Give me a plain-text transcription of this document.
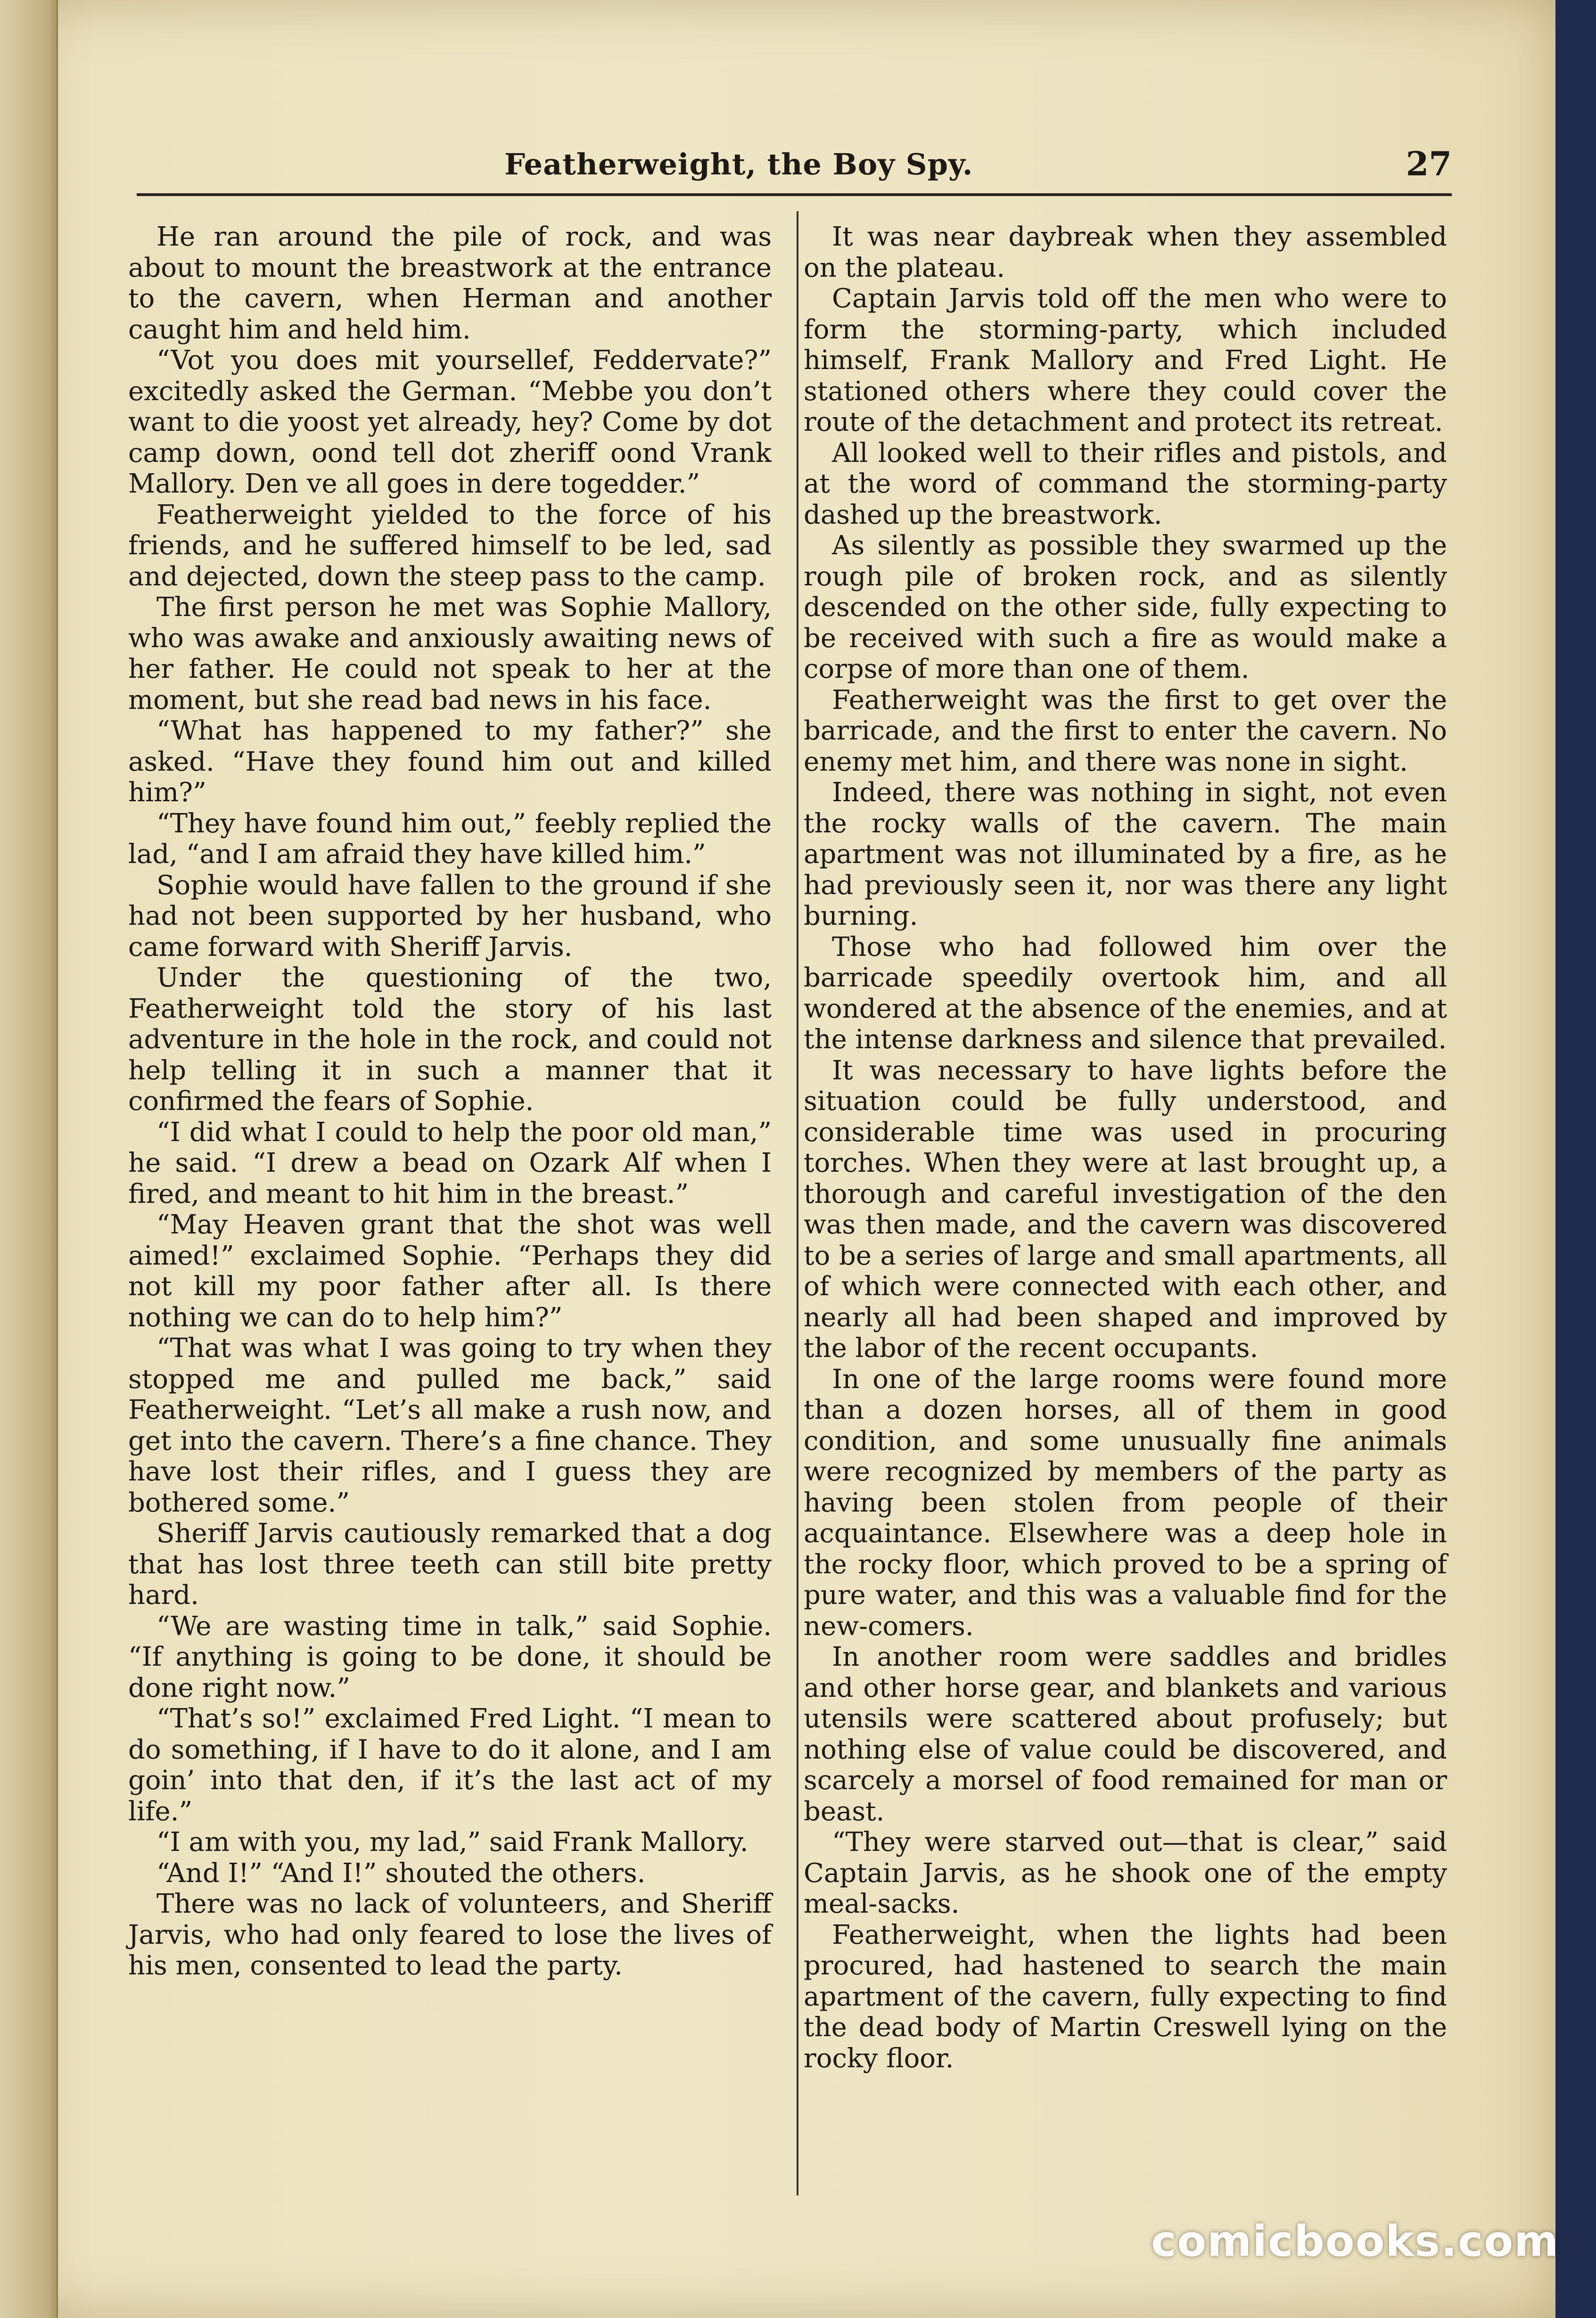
Featherweight, the Boy Spy.	27

He ran around the pile of rock, and was about to mount the breastwork at the entrance to the cavern, when Herman and another caught him and held him.

“Vot you does mit yoursellef, Feddervate?” excitedly asked the German. “Mebbe you don’t want to die yoost yet already, hey? Come by dot camp down, oond tell dot zheriff oond Vrank Mallory. Den ve all goes in dere togedder.”

Featherweight yielded to the force of his friends, and he suffered himself to be led, sad and dejected, down the steep pass to the camp.

The first person he met was Sophie Mallory, who was awake and anxiously awaiting news of her father. He could not speak to her at the moment, but she read bad news in his face.

“What has happened to my father?” she asked. “Have they found him out and killed him?”

“They have found him out,” feebly replied the lad, “and I am afraid they have killed him.”

Sophie would have fallen to the ground if she had not been supported by her husband, who came forward with Sheriff Jarvis.

Under the questioning of the two, Featherweight told the story of his last adventure in the hole in the rock, and could not help telling it in such a manner that it confirmed the fears of Sophie.

“I did what I could to help the poor old man,” he said. “I drew a bead on Ozark Alf when I fired, and meant to hit him in the breast.”

“May Heaven grant that the shot was well aimed!” exclaimed Sophie. “Perhaps they did not kill my poor father after all. Is there nothing we can do to help him?”

“That was what I was going to try when they stopped me and pulled me back,” said Featherweight. “Let’s all make a rush now, and get into the cavern. There’s a fine chance. They have lost their rifles, and I guess they are bothered some.”

Sheriff Jarvis cautiously remarked that a dog that has lost three teeth can still bite pretty hard.

“We are wasting time in talk,” said Sophie. “If anything is going to be done, it should be done right now.”

“That’s so!” exclaimed Fred Light. “I mean to do something, if I have to do it alone, and I am goin’ into that den, if it’s the last act of my life.”

“I am with you, my lad,” said Frank Mallory.

“And I!” “And I!” shouted the others.

There was no lack of volunteers, and Sheriff Jarvis, who had only feared to lose the lives of his men, consented to lead the party.

It was near daybreak when they assembled on the plateau.

Captain Jarvis told off the men who were to form the storming-party, which included himself, Frank Mallory and Fred Light. He stationed others where they could cover the route of the detachment and protect its retreat.

All looked well to their rifles and pistols, and at the word of command the storming-party dashed up the breastwork.

As silently as possible they swarmed up the rough pile of broken rock, and as silently descended on the other side, fully expecting to be received with such a fire as would make a corpse of more than one of them.

Featherweight was the first to get over the barricade, and the first to enter the cavern. No enemy met him, and there was none in sight.

Indeed, there was nothing in sight, not even the rocky walls of the cavern. The main apartment was not illuminated by a fire, as he had previously seen it, nor was there any light burning.

Those who had followed him over the barricade speedily overtook him, and all wondered at the absence of the enemies, and at the intense darkness and silence that prevailed.

It was necessary to have lights before the situation could be fully understood, and considerable time was used in procuring torches. When they were at last brought up, a thorough and careful investigation of the den was then made, and the cavern was discovered to be a series of large and small apartments, all of which were connected with each other, and nearly all had been shaped and improved by the labor of the recent occupants.

In one of the large rooms were found more than a dozen horses, all of them in good condition, and some unusually fine animals were recognized by members of the party as having been stolen from people of their acquaintance. Elsewhere was a deep hole in the rocky floor, which proved to be a spring of pure water, and this was a valuable find for the new-comers.

In another room were saddles and bridles and other horse gear, and blankets and various utensils were scattered about profusely; but nothing else of value could be discovered, and scarcely a morsel of food remained for man or beast.

“They were starved out—that is clear,” said Captain Jarvis, as he shook one of the empty meal-sacks.

Featherweight, when the lights had been procured, had hastened to search the main apartment of the cavern, fully expecting to find the dead body of Martin Creswell lying on the rocky floor.

comicbooks.com
